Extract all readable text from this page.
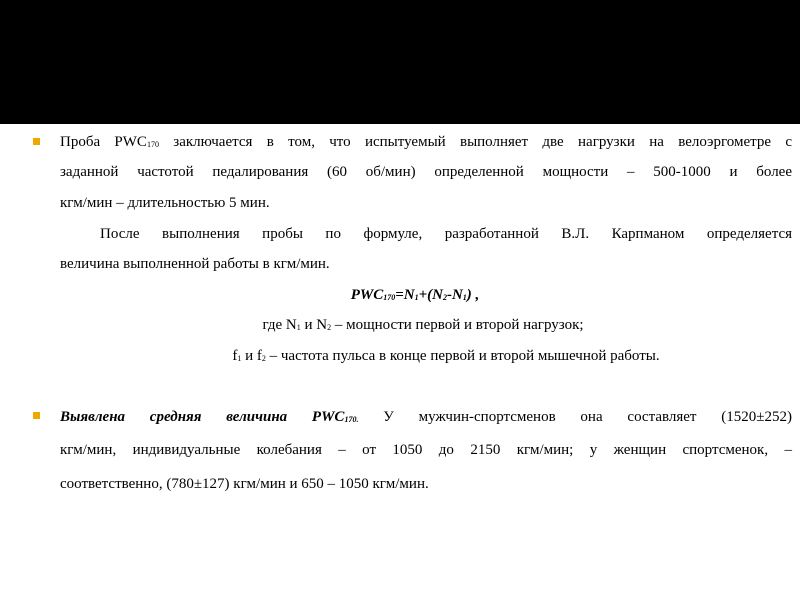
Проба $PWC_{170}$ заключается в том, что испытуемый выполняет две нагрузки на велоэргометре с
заданной частотой педалирования (60 об/мин) определенной мощности – 500-1000 и более
кгм/мин – длительностью 5 мин.
После выполнения пробы по формуле, разработанной В.Л. Карпманом определяется
величина выполненной работы в кгм/мин.
$PWC_{170}=N_1+(N_2-N_1)$ ,
где $N_1$ и $N_2$ – мощности первой и второй нагрузок;
$f_1$ и $f_2$ – частота пульса в конце первой и второй мышечной работы.
Выявлена средняя величина $PWC_{170.}$ У мужчин-спортсменов она составляет (1520±252)
кгм/мин, индивидуальные колебания – от 1050 до 2150 кгм/мин; у женщин спортсменок, –
соответственно, (780±127) кгм/мин и 650 – 1050 кгм/мин.
